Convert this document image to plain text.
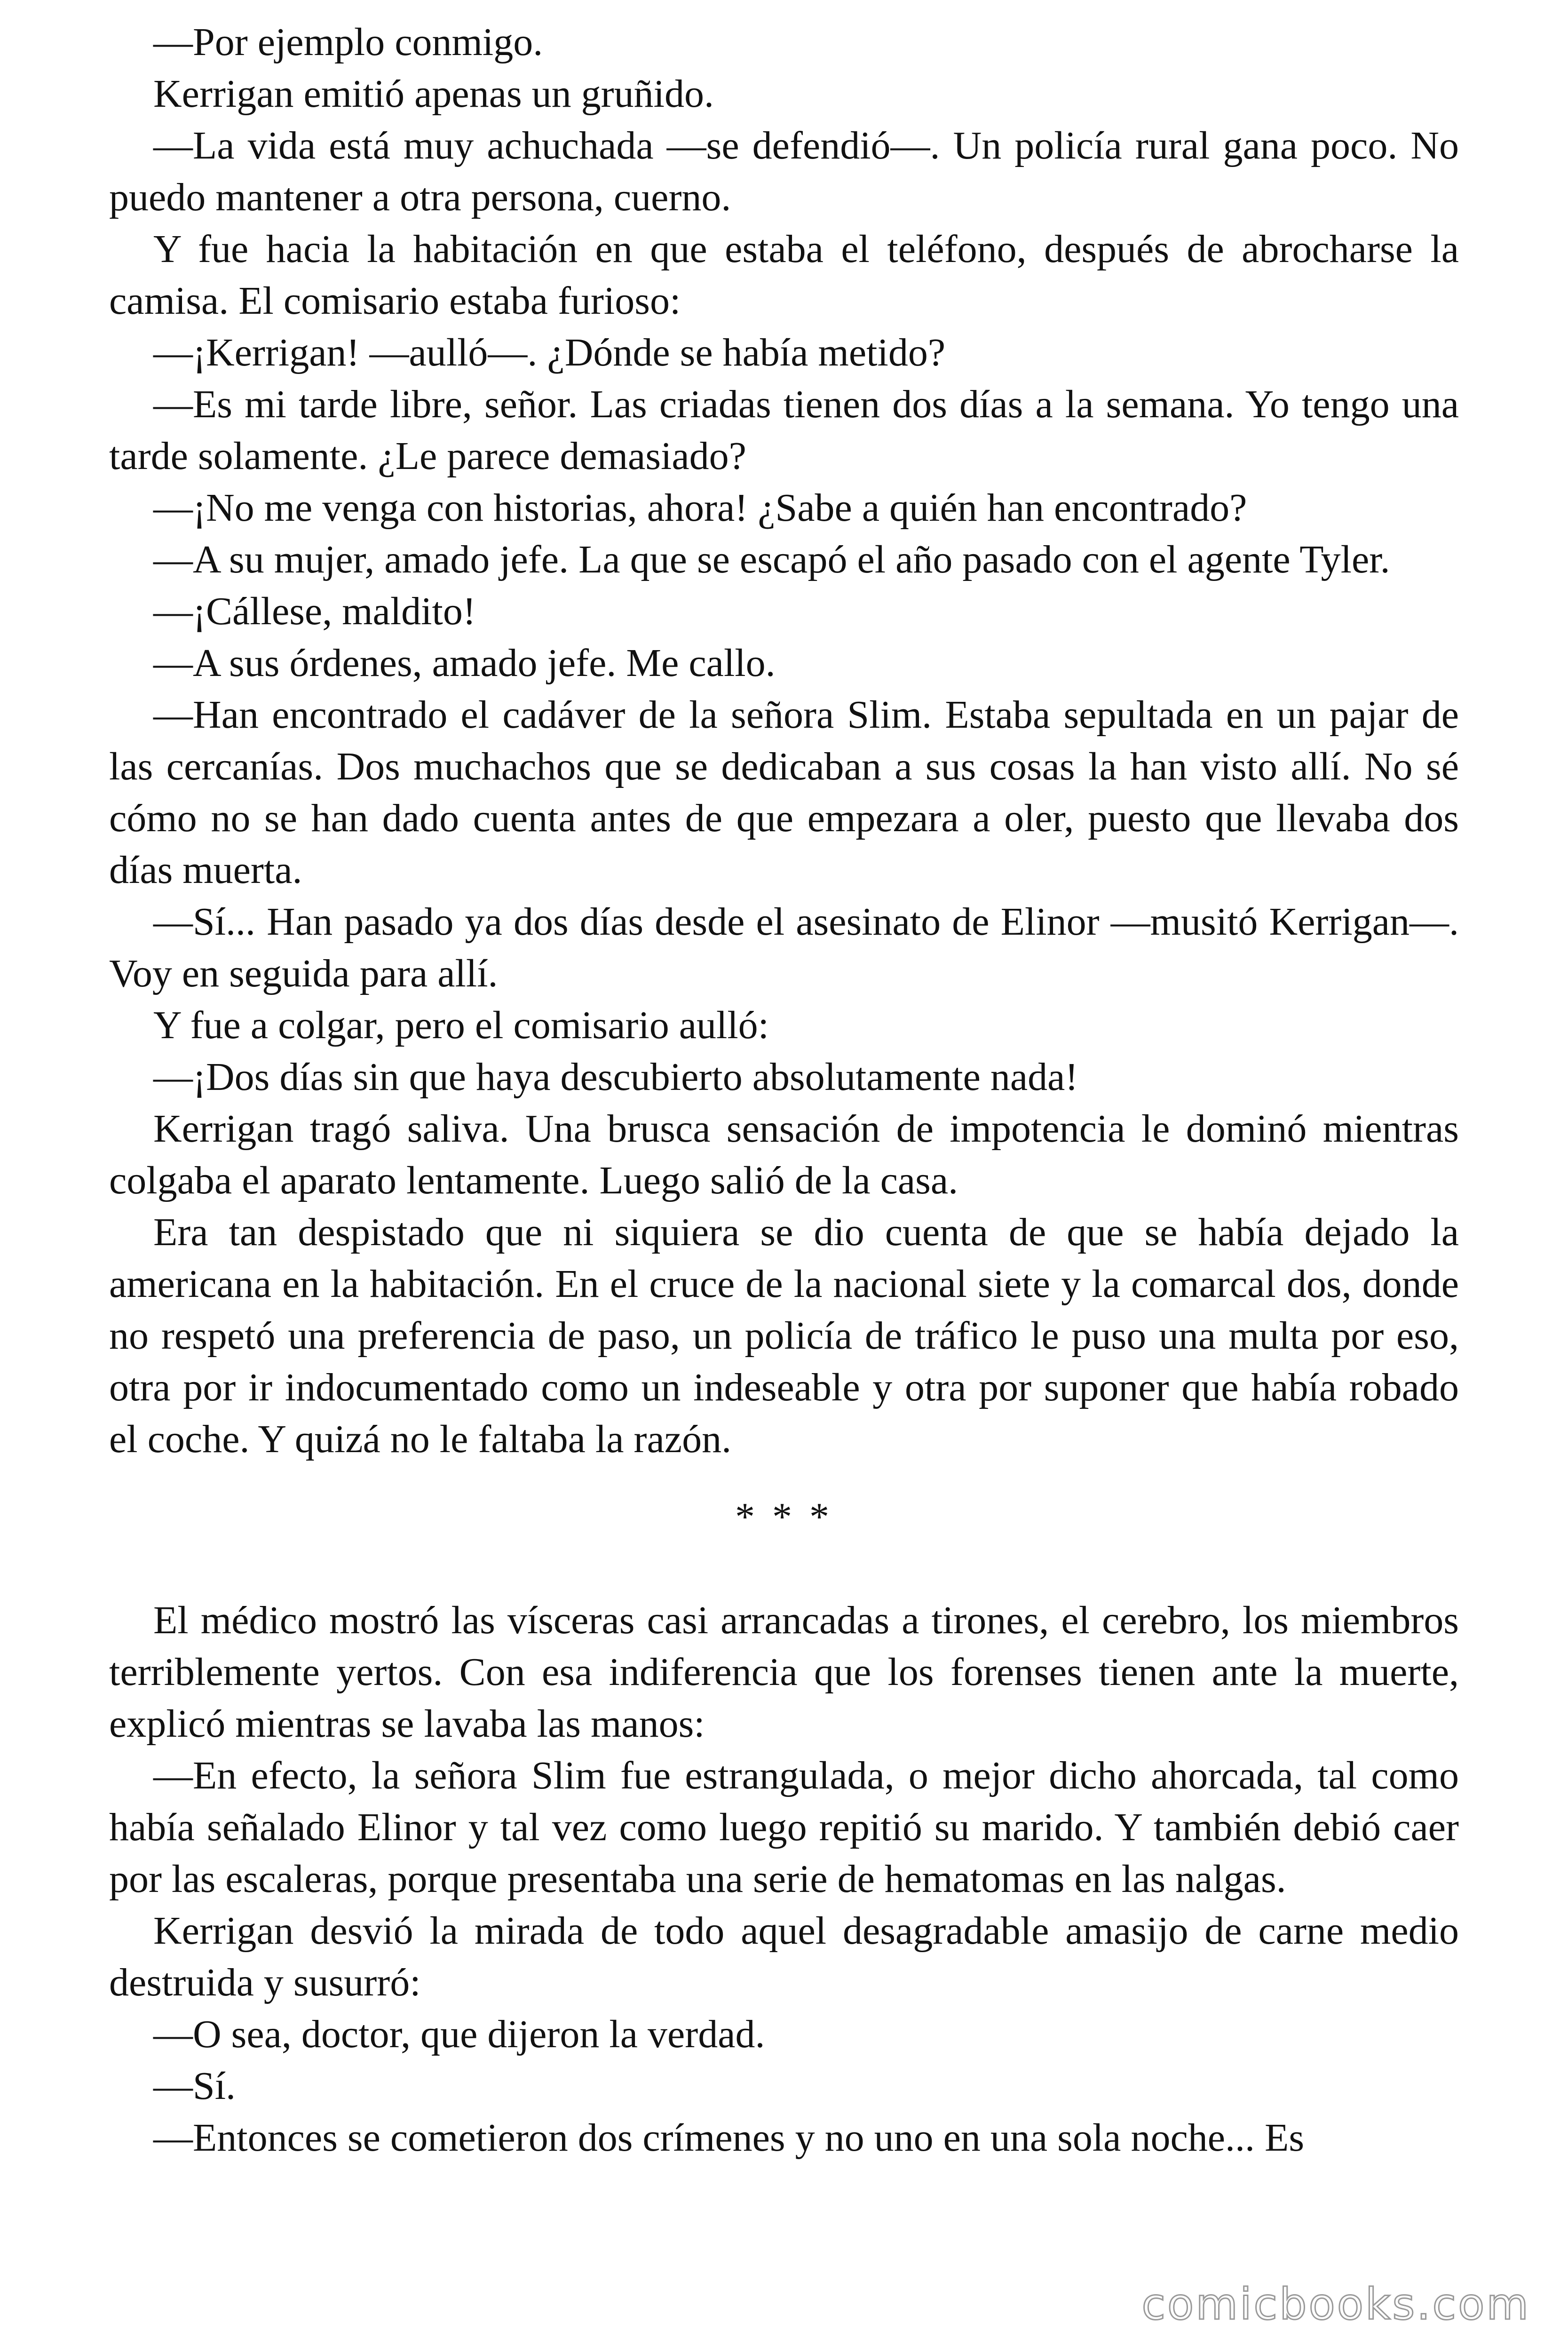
—Por ejemplo conmigo.

Kerrigan emitió apenas un gruñido.

—La vida está muy achuchada —se defendió—. Un policía rural gana poco. No puedo mantener a otra persona, cuerno.

Y fue hacia la habitación en que estaba el teléfono, después de abrocharse la camisa. El comisario estaba furioso:

—¡Kerrigan! —aulló—. ¿Dónde se había metido?

—Es mi tarde libre, señor. Las criadas tienen dos días a la semana. Yo tengo una tarde solamente. ¿Le parece demasiado?

—¡No me venga con historias, ahora! ¿Sabe a quién han encontrado?

—A su mujer, amado jefe. La que se escapó el año pasado con el agente Tyler.

—¡Cállese, maldito!

—A sus órdenes, amado jefe. Me callo.

—Han encontrado el cadáver de la señora Slim. Estaba sepultada en un pajar de las cercanías. Dos muchachos que se dedicaban a sus cosas la han visto allí. No sé cómo no se han dado cuenta antes de que empezara a oler, puesto que llevaba dos días muerta.

—Sí... Han pasado ya dos días desde el asesinato de Elinor —musitó Kerrigan—. Voy en seguida para allí.

Y fue a colgar, pero el comisario aulló:

—¡Dos días sin que haya descubierto absolutamente nada!

Kerrigan tragó saliva. Una brusca sensación de impotencia le dominó mientras colgaba el aparato lentamente. Luego salió de la casa.

Era tan despistado que ni siquiera se dio cuenta de que se había dejado la americana en la habitación. En el cruce de la nacional siete y la comarcal dos, donde no respetó una preferencia de paso, un policía de tráfico le puso una multa por eso, otra por ir indocumentado como un indeseable y otra por suponer que había robado el coche. Y quizá no le faltaba la razón.

* * *

El médico mostró las vísceras casi arrancadas a tirones, el cerebro, los miembros terriblemente yertos. Con esa indiferencia que los forenses tienen ante la muerte, explicó mientras se lavaba las manos:

—En efecto, la señora Slim fue estrangulada, o mejor dicho ahorcada, tal como había señalado Elinor y tal vez como luego repitió su marido. Y también debió caer por las escaleras, porque presentaba una serie de hematomas en las nalgas.

Kerrigan desvió la mirada de todo aquel desagradable amasijo de carne medio destruida y susurró:

—O sea, doctor, que dijeron la verdad.

—Sí.

—Entonces se cometieron dos crímenes y no uno en una sola noche... Es

comicbooks.com
